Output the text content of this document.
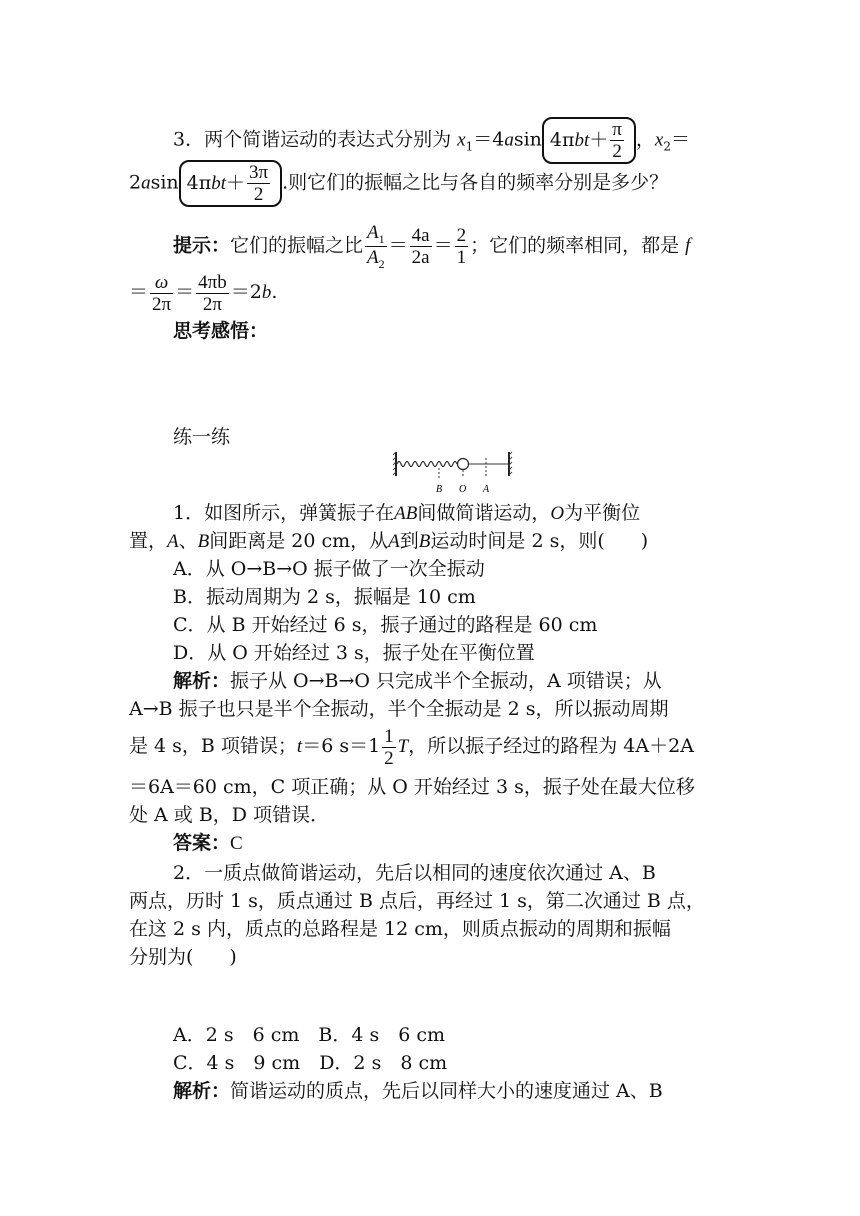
3．两个简谐运动的表达式分别为 $x_1=4asin$ $4\pi bt+ \frac{\pi}{2}$ ，$x_2=$
2asin $4\pi bt+ \frac{3\pi}{2}$ .则它们的振幅之比与各自的频率分别是多少？
提示：它们的振幅之比 $\frac{A_1}{A_2} = \frac{4a}{2a} = \frac{2}{1}$ ；它们的频率相同，都是 f
＝ $\frac{\omega}{2\pi} = \frac{4\pi b}{2\pi} =2b$.
思考感悟：
练一练
B O A
1．如图所示，弹簧振子在AB间做简谐运动，O为平衡位
置，A、B间距离是 20 cm，从A到B运动时间是 2 s，则( )
A．从 O→B→O 振子做了一次全振动
B．振动周期为 2 s，振幅是 10 cm
C．从 B 开始经过 6 s，振子通过的路程是 60 cm
D．从 O 开始经过 3 s，振子处在平衡位置
解析：振子从 O→B→O 只完成半个全振动，A 项错误；从
A→B 振子也只是半个全振动，半个全振动是 2 s，所以振动周期
是 4 s，B 项错误；t＝6 $s=1 \frac{1}{2}$ T，所以振子经过的路程为 4A＋2A
＝6A＝60 cm，C 项正确；从 O 开始经过 3 s，振子处在最大位移
处 A 或 B，D 项错误．
答案：C
2．一质点做简谐运动，先后以相同的速度依次通过 A、B
两点，历时 1 s，质点通过 B 点后，再经过 1 s，第二次通过 B 点，
在这 2 s 内，质点的总路程是 12 cm，则质点振动的周期和振幅
分别为( )
A．2 s　6 cm　B．4 s　6 cm
C．4 s　9 cm　D．2 s　8 cm
解析：简谐运动的质点，先后以同样大小的速度通过 A、B
